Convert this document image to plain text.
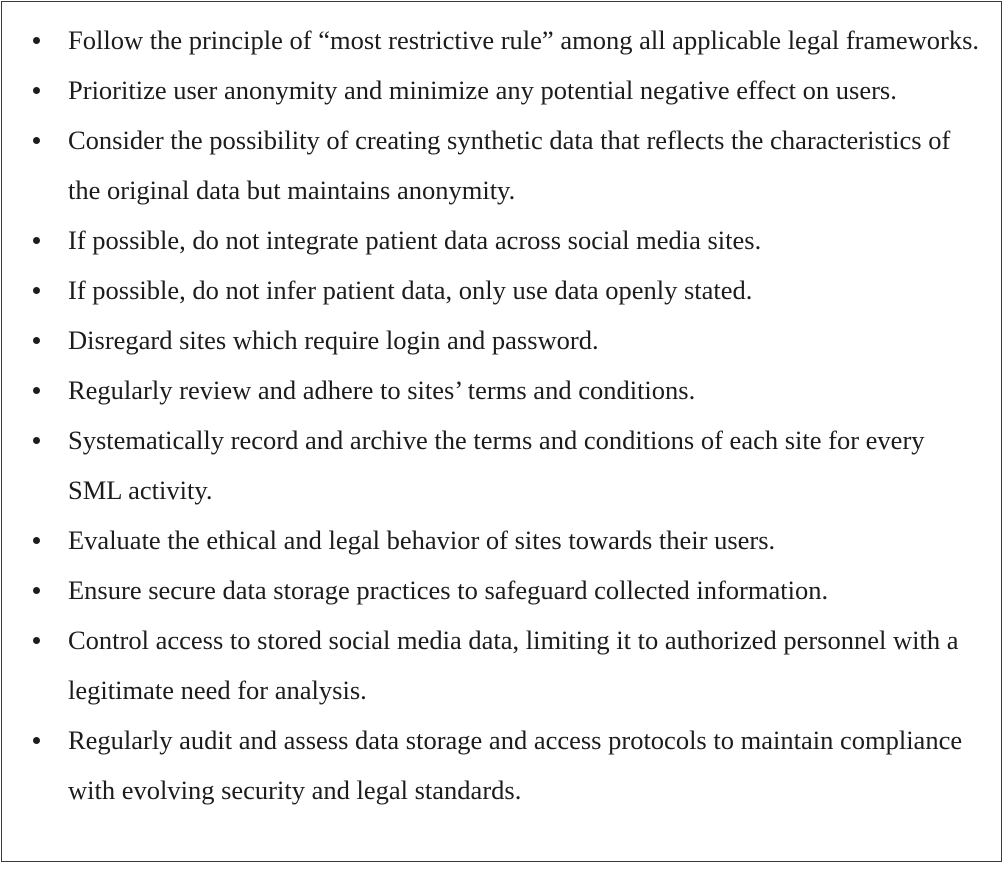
Follow the principle of “most restrictive rule” among all applicable legal frameworks.
Prioritize user anonymity and minimize any potential negative effect on users.
Consider the possibility of creating synthetic data that reflects the characteristics of the original data but maintains anonymity.
If possible, do not integrate patient data across social media sites.
If possible, do not infer patient data, only use data openly stated.
Disregard sites which require login and password.
Regularly review and adhere to sites’ terms and conditions.
Systematically record and archive the terms and conditions of each site for every SML activity.
Evaluate the ethical and legal behavior of sites towards their users.
Ensure secure data storage practices to safeguard collected information.
Control access to stored social media data, limiting it to authorized personnel with a legitimate need for analysis.
Regularly audit and assess data storage and access protocols to maintain compliance with evolving security and legal standards.
